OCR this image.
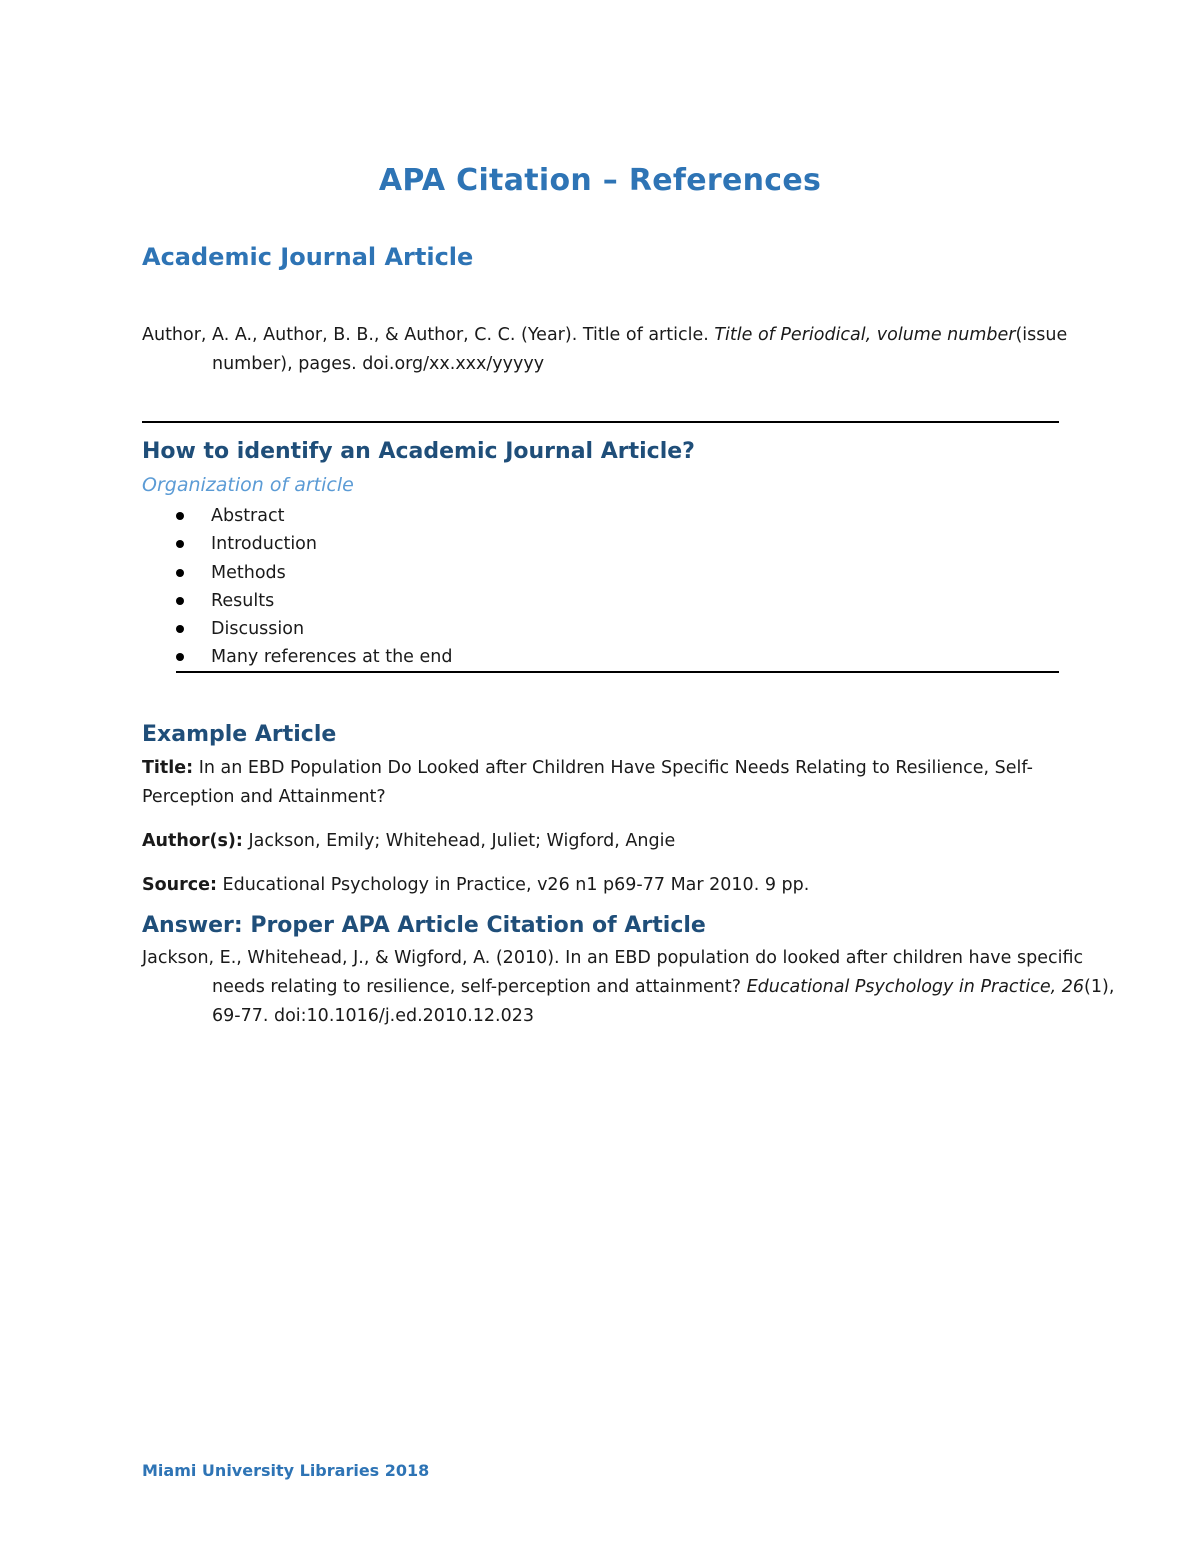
APA Citation – References
Academic Journal Article
Author, A. A., Author, B. B., & Author, C. C. (Year). Title of article. Title of Periodical, volume number(issue number), pages. doi.org/xx.xxx/yyyyy
How to identify an Academic Journal Article?
Organization of article
Abstract
Introduction
Methods
Results
Discussion
Many references at the end
Example Article
Title: In an EBD Population Do Looked after Children Have Specific Needs Relating to Resilience, Self-Perception and Attainment?
Author(s): Jackson, Emily; Whitehead, Juliet; Wigford, Angie
Source: Educational Psychology in Practice, v26 n1 p69-77 Mar 2010. 9 pp.
Answer: Proper APA Article Citation of Article
Jackson, E., Whitehead, J., & Wigford, A. (2010). In an EBD population do looked after children have specific needs relating to resilience, self-perception and attainment? Educational Psychology in Practice, 26(1), 69-77. doi:10.1016/j.ed.2010.12.023
Miami University Libraries 2018
